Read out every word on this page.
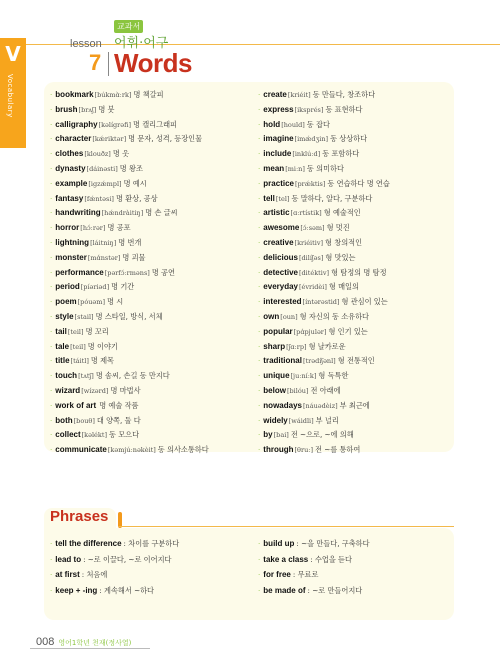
V
Vocabulary
lesson
7
교과서
어휘·어구
Words
· bookmark[búkmɑ̀ːrk] 명 책갈피
· brush[brʌʃ] 명 붓
· calligraphy[kəlígrəfi] 명 캘리그래피
· character[kǽriktər] 명 문자, 성격, 등장인물
· clothes[klouðz] 명 옷
· dynasty[dáinəsti] 명 왕조
· example[igzǽmpl] 명 예시
· fantasy[fǽntəsi] 명 환상, 공상
· handwriting[hǽndràitiŋ] 명 손 글씨
· horror[hɔ́ːrər] 명 공포
· lightning[láitniŋ] 명 번개
· monster[mɑ́nstər] 명 괴물
· performance[pərfɔ́ːrməns] 명 공연
· period[píəriəd] 명 기간
· poem[póuəm] 명 시
· style[stail] 명 스타일, 방식, 서체
· tail[teil] 명 꼬리
· tale[teil] 명 이야기
· title[táitl] 명 제목
· touch[tʌtʃ] 명 솜씨, 손길 동 만지다
· wizard[wízərd] 명 마법사
· work of art 명 예술 작품
· both[bouθ] 대 양쪽, 둘 다
· collect[kəlékt] 동 모으다
· communicate[kəmjúːnəkèit] 동 의사소통하다
· create[kriéit] 동 만들다, 창조하다
· express[iksprés] 동 표현하다
· hold[hould] 동 잡다
· imagine[imǽdʒin] 동 상상하다
· include[inklúːd] 동 포함하다
· mean[miːn] 동 의미하다
· practice[prǽktis] 동 연습하다 명 연습
· tell[tel] 동 말하다, 알다, 구분하다
· artistic[ɑːrtístik] 형 예술적인
· awesome[ɔ́ːsəm] 형 멋진
· creative[kriéitiv] 형 창의적인
· delicious[dilíʃəs] 형 맛있는
· detective[ditéktiv] 형 탐정의 명 탐정
· everyday[évridèi] 형 매일의
· interested[íntərəstid] 형 관심이 있는
· own[oun] 형 자신의 동 소유하다
· popular[pɑ́pjulər] 형 인기 있는
· sharp[ʃɑːrp] 형 날카로운
· traditional[trədíʃənl] 형 전통적인
· unique[juːníːk] 형 독특한
· below[bilóu] 전 아래에
· nowadays[náuədèiz] 부 최근에
· widely[wáidli] 부 널리
· by[bai] 전 ~으로, ~에 의해
· through[θruː] 전 ~를 통하여
Phrases
· tell the difference : 차이를 구분하다
· lead to : ~로 이끌다, ~로 이어지다
· at first : 처음에
· keep + -ing : 계속해서 ~하다
· build up : ~을 만들다, 구축하다
· take a class : 수업을 듣다
· for free : 무료로
· be made of : ~로 만들어지다
008 영어1학년 천재(정사열)
